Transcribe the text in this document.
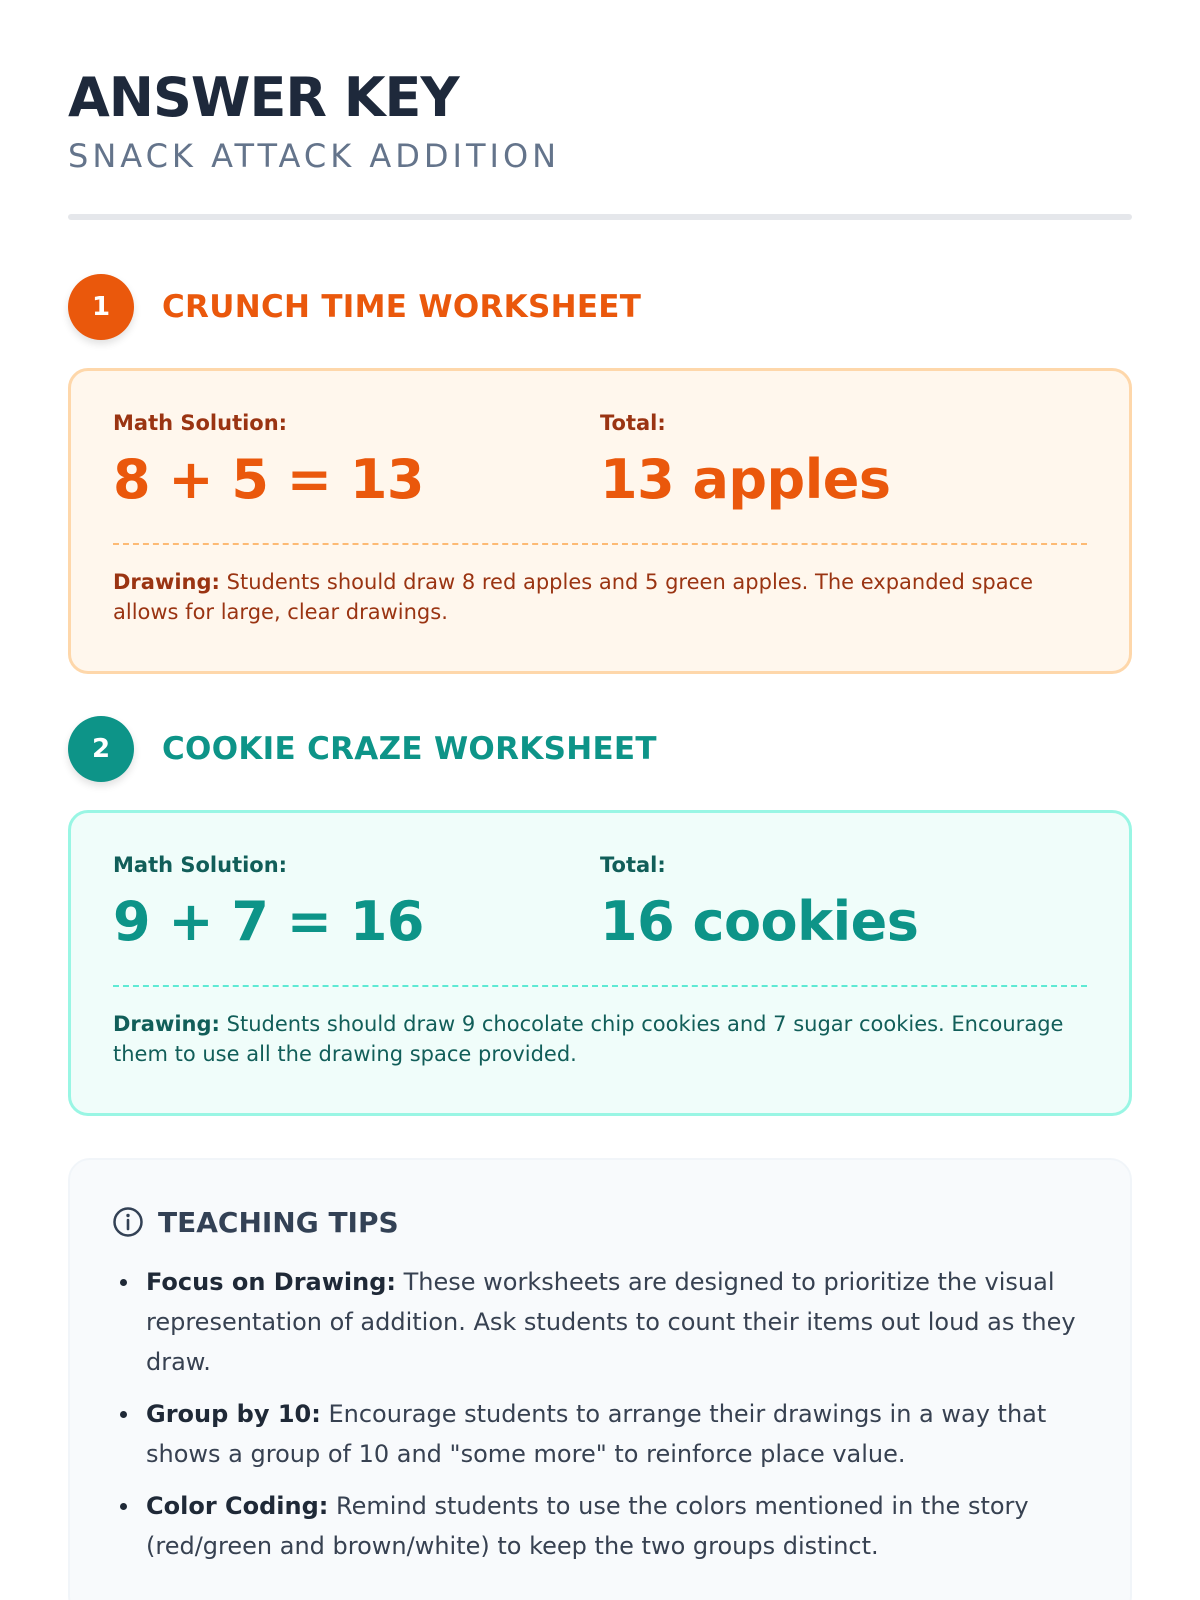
ANSWER KEY
SNACK ATTACK ADDITION
1	CRUNCH TIME WORKSHEET
Math Solution:
8 + 5 = 13
Total:
13 apples

Drawing: Students should draw 8 red apples and 5 green apples. The expanded space allows for large, clear drawings.

2	COOKIE CRAZE WORKSHEET
Math Solution:
9 + 7 = 16
Total:
16 cookies

Drawing: Students should draw 9 chocolate chip cookies and 7 sugar cookies. Encourage them to use all the drawing space provided.

TEACHING TIPS
Focus on Drawing: These worksheets are designed to prioritize the visual representation of addition. Ask students to count their items out loud as they draw.
Group by 10: Encourage students to arrange their drawings in a way that shows a group of 10 and "some more" to reinforce place value.
Color Coding: Remind students to use the colors mentioned in the story (red/green and brown/white) to keep the two groups distinct.
